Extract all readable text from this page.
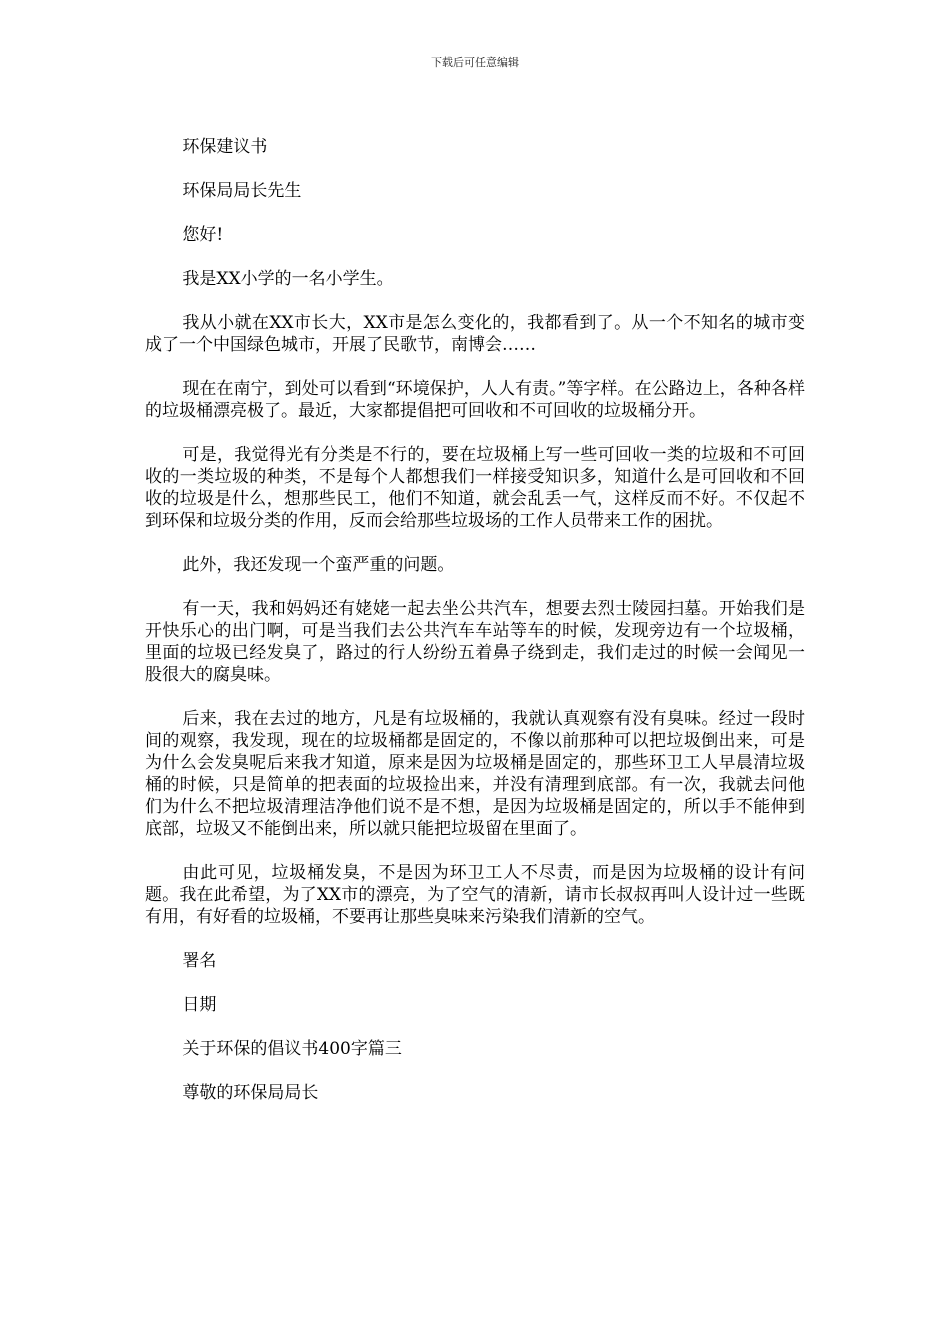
下载后可任意编辑

环保建议书

环保局局长先生

您好!

我是XX小学的一名小学生。

我从小就在XX市长大，XX市是怎么变化的，我都看到了。从一个不知名的城市变成了一个中国绿色城市，开展了民歌节，南博会……

现在在南宁，到处可以看到“环境保护，人人有责。”等字样。在公路边上，各种各样的垃圾桶漂亮极了。最近，大家都提倡把可回收和不可回收的垃圾桶分开。

可是，我觉得光有分类是不行的，要在垃圾桶上写一些可回收一类的垃圾和不可回收的一类垃圾的种类，不是每个人都想我们一样接受知识多，知道什么是可回收和不回收的垃圾是什么，想那些民工，他们不知道，就会乱丢一气，这样反而不好。不仅起不到环保和垃圾分类的作用，反而会给那些垃圾场的工作人员带来工作的困扰。

此外，我还发现一个蛮严重的问题。

有一天，我和妈妈还有姥姥一起去坐公共汽车，想要去烈士陵园扫墓。开始我们是开快乐心的出门啊，可是当我们去公共汽车车站等车的时候，发现旁边有一个垃圾桶，里面的垃圾已经发臭了，路过的行人纷纷五着鼻子绕到走，我们走过的时候一会闻见一股很大的腐臭味。

后来，我在去过的地方，凡是有垃圾桶的，我就认真观察有没有臭味。经过一段时间的观察，我发现，现在的垃圾桶都是固定的，不像以前那种可以把垃圾倒出来，可是为什么会发臭呢后来我才知道，原来是因为垃圾桶是固定的，那些环卫工人早晨清垃圾桶的时候，只是简单的把表面的垃圾捡出来，并没有清理到底部。有一次，我就去问他们为什么不把垃圾清理洁净他们说不是不想，是因为垃圾桶是固定的，所以手不能伸到底部，垃圾又不能倒出来，所以就只能把垃圾留在里面了。

由此可见，垃圾桶发臭，不是因为环卫工人不尽责，而是因为垃圾桶的设计有问题。我在此希望，为了XX市的漂亮，为了空气的清新，请市长叔叔再叫人设计过一些既有用，有好看的垃圾桶，不要再让那些臭味来污染我们清新的空气。

署名

日期

关于环保的倡议书400字篇三

尊敬的环保局局长
